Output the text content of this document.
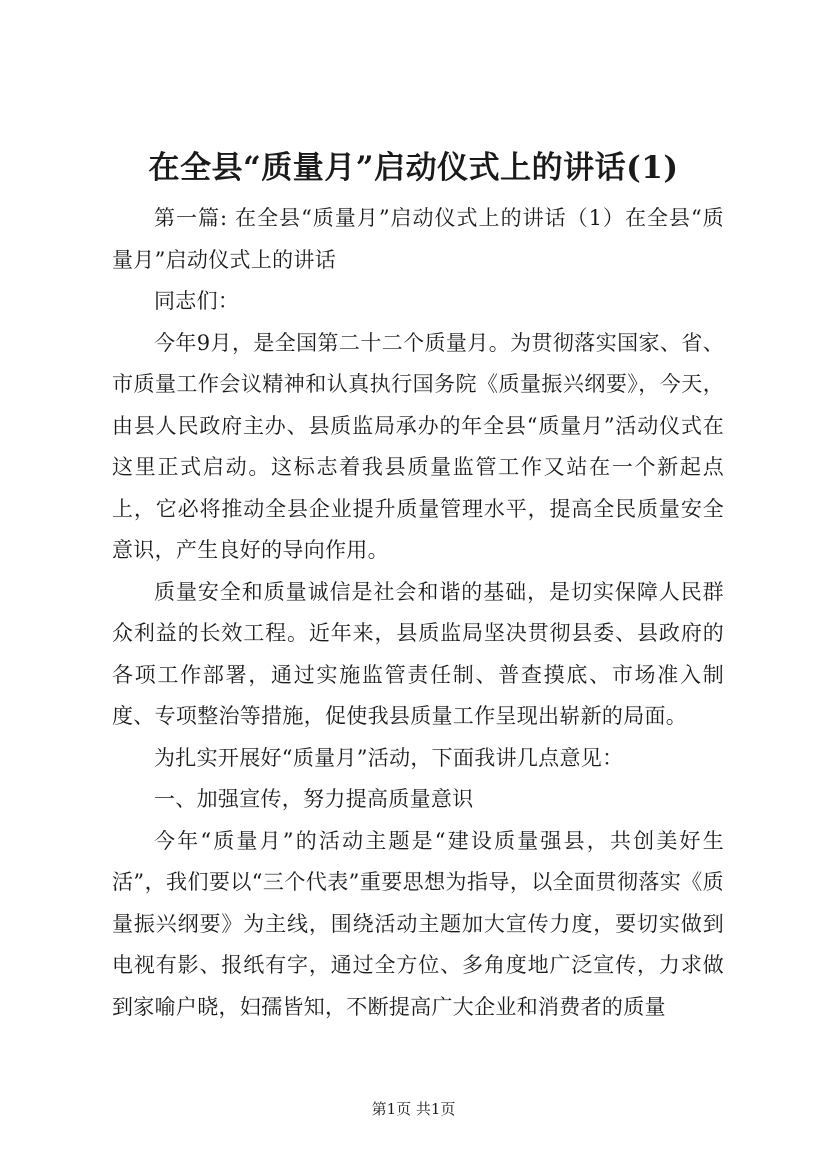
在全县“质量月”启动仪式上的讲话(1)

第一篇: 在全县“质量月”启动仪式上的讲话（1）在全县“质量月”启动仪式上的讲话

同志们：

今年9月，是全国第二十二个质量月。为贯彻落实国家、省、市质量工作会议精神和认真执行国务院《质量振兴纲要》，今天，由县人民政府主办、县质监局承办的年全县“质量月”活动仪式在这里正式启动。这标志着我县质量监管工作又站在一个新起点上，它必将推动全县企业提升质量管理水平，提高全民质量安全意识，产生良好的导向作用。

质量安全和质量诚信是社会和谐的基础，是切实保障人民群众利益的长效工程。近年来，县质监局坚决贯彻县委、县政府的各项工作部署，通过实施监管责任制、普查摸底、市场准入制度、专项整治等措施，促使我县质量工作呈现出崭新的局面。

为扎实开展好“质量月”活动，下面我讲几点意见：

一、加强宣传，努力提高质量意识

今年“质量月”的活动主题是“建设质量强县，共创美好生活”，我们要以“三个代表”重要思想为指导，以全面贯彻落实《质量振兴纲要》为主线，围绕活动主题加大宣传力度，要切实做到电视有影、报纸有字，通过全方位、多角度地广泛宣传，力求做到家喻户晓，妇孺皆知，不断提高广大企业和消费者的质量

第1页 共1页
